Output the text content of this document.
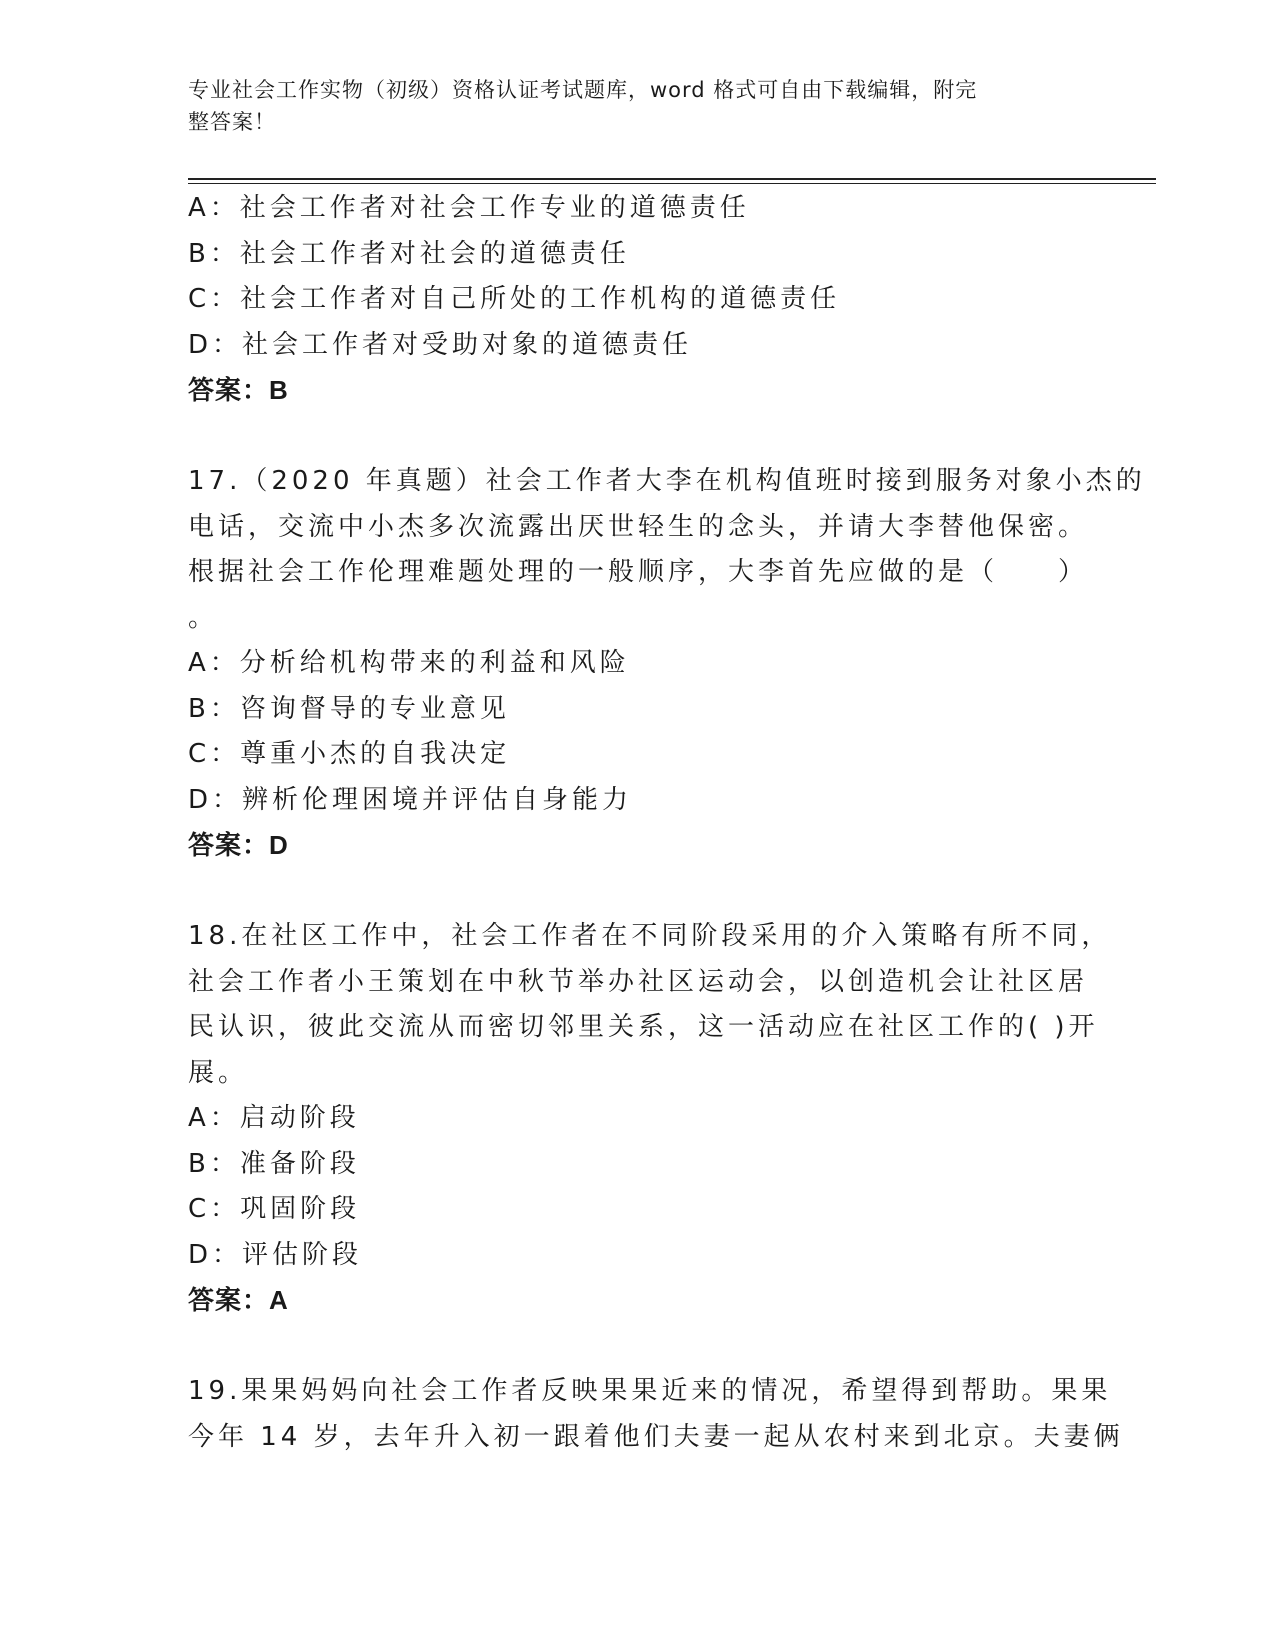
专业社会工作实物（初级）资格认证考试题库，word 格式可自由下载编辑，附完
整答案！
A：社会工作者对社会工作专业的道德责任
B：社会工作者对社会的道德责任
C：社会工作者对自己所处的工作机构的道德责任
D：社会工作者对受助对象的道德责任
答案：B
17.（2020 年真题）社会工作者大李在机构值班时接到服务对象小杰的
电话，交流中小杰多次流露出厌世轻生的念头，并请大李替他保密。
根据社会工作伦理难题处理的一般顺序，大李首先应做的是（　　）
。
A：分析给机构带来的利益和风险
B：咨询督导的专业意见
C：尊重小杰的自我决定
D：辨析伦理困境并评估自身能力
答案：D
18.在社区工作中，社会工作者在不同阶段采用的介入策略有所不同，
社会工作者小王策划在中秋节举办社区运动会，以创造机会让社区居
民认识，彼此交流从而密切邻里关系，这一活动应在社区工作的( )开
展。
A：启动阶段
B：准备阶段
C：巩固阶段
D：评估阶段
答案：A
19.果果妈妈向社会工作者反映果果近来的情况，希望得到帮助。果果
今年 14 岁，去年升入初一跟着他们夫妻一起从农村来到北京。夫妻俩
